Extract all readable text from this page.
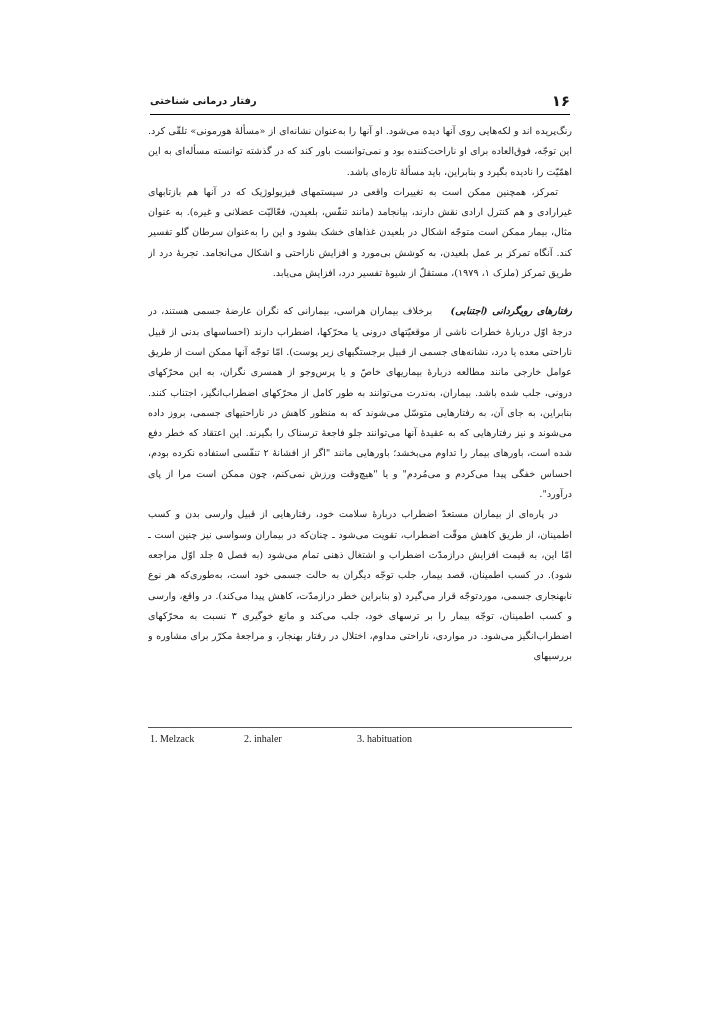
۱۶
رفتار درمانی شناختی

رنگ‌پریده اند و لکه‌هایی روی آنها دیده می‌شود. او آنها را به‌عنوان نشانه‌ای از «مسألهٔ هورمونی» تلقّی کرد. این توجّه، فوق‌العاده برای او ناراحت‌کننده بود و نمی‌توانست باور کند که در گذشته توانسته مسأله‌ای به این اهمّیّت را نادیده بگیرد و بنابراین، باید مسألهٔ تازه‌ای باشد.

تمرکز، همچنین ممکن است به تغییرات واقعی در سیستمهای فیزیولوژیک که در آنها هم بازتابهای غیرارادی و هم کنترل ارادی نقش دارند، بیانجامد (مانند تنفّس، بلعیدن، فعّالیّت عضلانی و غیره). به عنوان مثال، بیمار ممکن است متوجّه اشکال در بلعیدن غذاهای خشک بشود و این را به‌عنوان سرطان گلو تفسیر کند. آنگاه تمرکز بر عمل بلعیدن، به کوشش بی‌مورد و افزایش ناراحتی و اشکال می‌انجامد. تجربهٔ درد از طریق تمرکز (ملزک ۱، ۱۹۷۹)، مستقلّ از شیوهٔ تفسیر درد، افزایش می‌یابد.

رفتارهای رویگردانی (اجتنابی) برخلاف بیماران هراسی، بیمارانی که نگران عارضهٔ جسمی هستند، در درجهٔ اوّل دربارهٔ خطرات ناشی از موقعیّتهای درونی یا محرّکها، اضطراب دارند (احساسهای بدنی از قبیل ناراحتی معده یا درد، نشانه‌های جسمی از قبیل برجستگیهای زیر پوست). امّا توجّه آنها ممکن است از طریق عوامل خارجی مانند مطالعه دربارهٔ بیماریهای خاصّ و یا پرس‌وجو از همسری نگران، به این محرّکهای درونی، جلب شده باشد. بیماران، به‌ندرت می‌توانند به طور کامل از محرّکهای اضطراب‌انگیز، اجتناب کنند. بنابراین، به جای آن، به رفتارهایی متوسّل می‌شوند که به منظور کاهش در ناراحتیهای جسمی، بروز داده می‌شوند و نیز رفتارهایی که به عقیدهٔ آنها می‌توانند جلو فاجعهٔ ترسناک را بگیرند. این اعتقاد که خطر دفع شده است، باورهای بیمار را تداوم می‌بخشد؛ باورهایی مانند "اگر از افشانهٔ ۲ تنفّسی استفاده نکرده بودم، احساس خفگی پیدا می‌کردم و می‌مُردم" و یا "هیچ‌وقت ورزش نمی‌کنم، چون ممکن است مرا از پای درآورد".

در پاره‌ای از بیماران مستعدّ اضطراب دربارهٔ سلامت خود، رفتارهایی از قبیل وارسی بدن و کسب اطمینان، از طریق کاهش موقّت اضطراب، تقویت می‌شود ـ چنان‌که در بیماران وسواسی نیز چنین است ـ امّا این، به قیمت افزایش درازمدّت اضطراب و اشتغال ذهنی تمام می‌شود (به فصل ۵ جلد اوّل مراجعه شود). در کسب اطمینان، قصد بیمار، جلب توجّه دیگران به حالت جسمی خود است، به‌طوری‌که هر نوع نابهنجاری جسمی، موردتوجّه قرار می‌گیرد (و بنابراین خطر درازمدّت، کاهش پیدا می‌کند). در واقع، وارسی و کسب اطمینان، توجّه بیمار را بر ترسهای خود، جلب می‌کند و مانع خوگیری ۳ نسبت به محرّکهای اضطراب‌انگیز می‌شود. در مواردی، ناراحتی مداوم، اختلال در رفتار بهنجار، و مراجعهٔ مکرّر برای مشاوره و بررسیهای

1. Melzack	2. inhaler	3. habituation
